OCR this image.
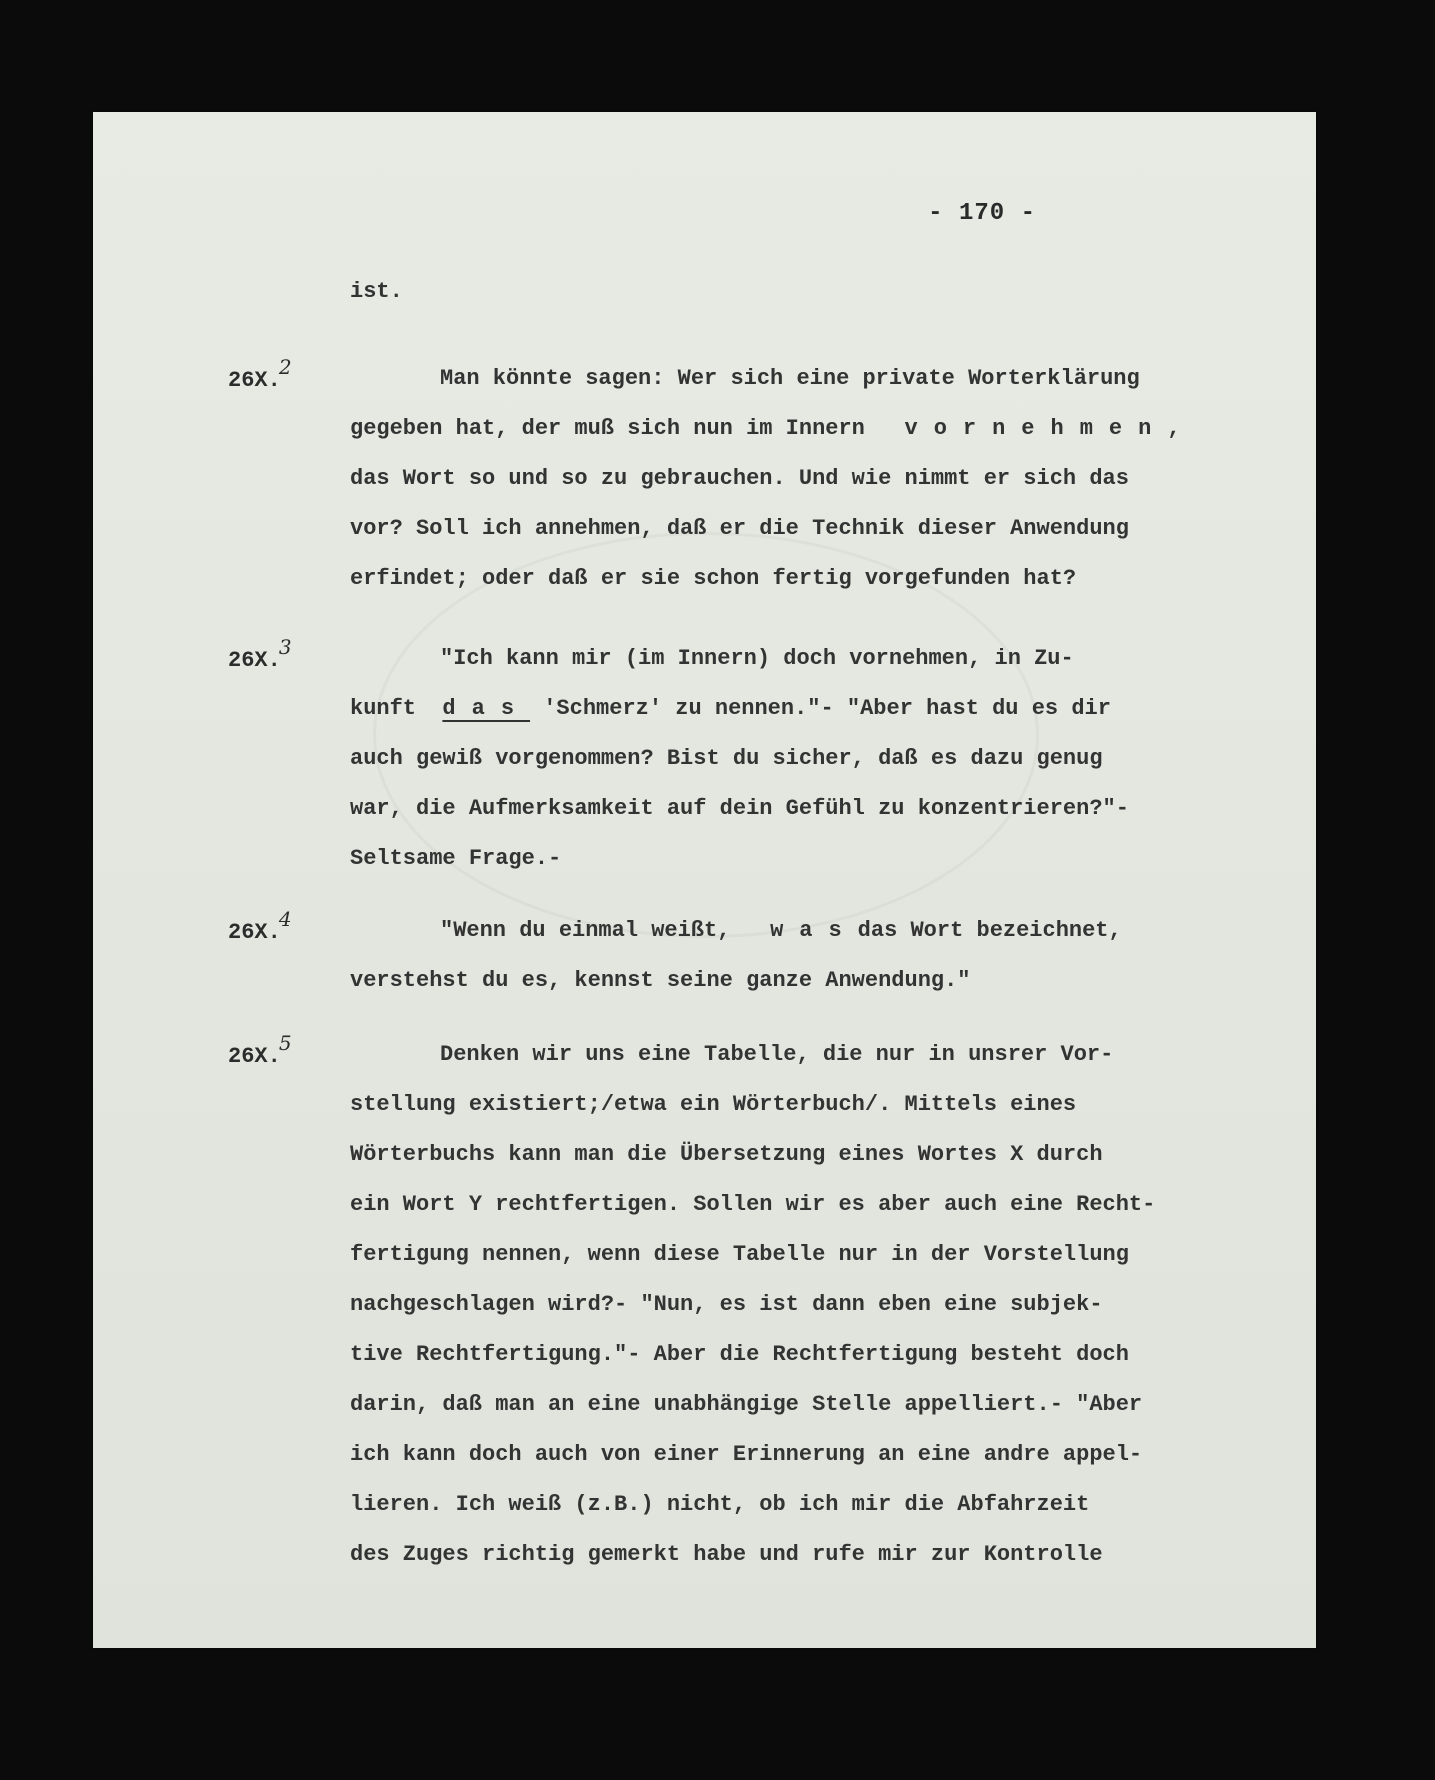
- 170 -
ist.
26X.2	Man könnte sagen: Wer sich eine private Worterklärung
gegeben hat, der muß sich nun im Innern vornehmen,
das Wort so und so zu gebrauchen. Und wie nimmt er sich das
vor? Soll ich annehmen, daß er die Technik dieser Anwendung
erfindet; oder daß er sie schon fertig vorgefunden hat?
26X.3	"Ich kann mir (im Innern) doch vornehmen, in Zu-
kunft das 'Schmerz' zu nennen."- "Aber hast du es dir
auch gewiß vorgenommen? Bist du sicher, daß es dazu genug
war, die Aufmerksamkeit auf dein Gefühl zu konzentrieren?"-
Seltsame Frage.-
26X.4	"Wenn du einmal weißt, wasdas Wort bezeichnet,
verstehst du es, kennst seine ganze Anwendung."
26X.5	Denken wir uns eine Tabelle, die nur in unsrer Vor-
stellung existiert;/etwa ein Wörterbuch/. Mittels eines
Wörterbuchs kann man die Übersetzung eines Wortes X durch
ein Wort Y rechtfertigen. Sollen wir es aber auch eine Recht-
fertigung nennen, wenn diese Tabelle nur in der Vorstellung
nachgeschlagen wird?- "Nun, es ist dann eben eine subjek-
tive Rechtfertigung."- Aber die Rechtfertigung besteht doch
darin, daß man an eine unabhängige Stelle appelliert.- "Aber
ich kann doch auch von einer Erinnerung an eine andre appel-
lieren. Ich weiß (z.B.) nicht, ob ich mir die Abfahrzeit
des Zuges richtig gemerkt habe und rufe mir zur Kontrolle
